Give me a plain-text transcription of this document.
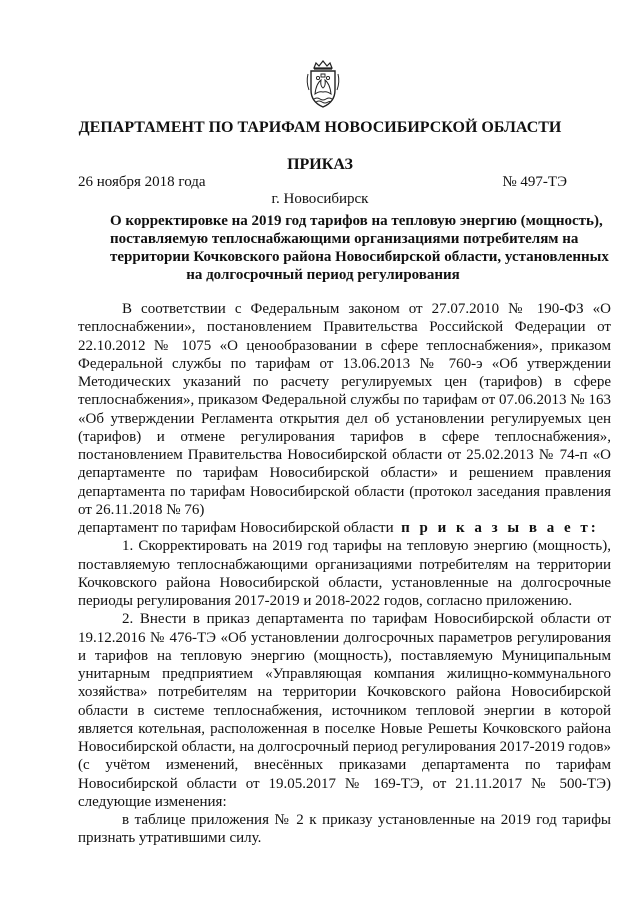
ДЕПАРТАМЕНТ ПО ТАРИФАМ НОВОСИБИРСКОЙ ОБЛАСТИ
ПРИКАЗ
26 ноября 2018 года	№ 497-ТЭ
г. Новосибирск
О корректировке на 2019 год тарифов на тепловую энергию (мощность),
поставляемую теплоснабжающими организациями потребителям на
территории Кочковского района Новосибирской области, установленных
на долгосрочный период регулирования

В соответствии с Федеральным законом от 27.07.2010 № 190-ФЗ «О теплоснабжении», постановлением Правительства Российской Федерации от 22.10.2012 № 1075 «О ценообразовании в сфере теплоснабжения», приказом Федеральной службы по тарифам от 13.06.2013 № 760-э «Об утверждении Методических указаний по расчету регулируемых цен (тарифов) в сфере теплоснабжения», приказом Федеральной службы по тарифам от 07.06.2013 № 163 «Об утверждении Регламента открытия дел об установлении регулируемых цен (тарифов) и отмене регулирования тарифов в сфере теплоснабжения», постановлением Правительства Новосибирской области от 25.02.2013 № 74-п «О департаменте по тарифам Новосибирской области» и решением правления департамента по тарифам Новосибирской области (протокол заседания правления от 26.11.2018 № 76)

департамент по тарифам Новосибирской области п р и к а з ы в а е т:

1. Скорректировать на 2019 год тарифы на тепловую энергию (мощность), поставляемую теплоснабжающими организациями потребителям на территории Кочковского района Новосибирской области, установленные на долгосрочные периоды регулирования 2017-2019 и 2018-2022 годов, согласно приложению.

2. Внести в приказ департамента по тарифам Новосибирской области от 19.12.2016 № 476-ТЭ «Об установлении долгосрочных параметров регулирования и тарифов на тепловую энергию (мощность), поставляемую Муниципальным унитарным предприятием «Управляющая компания жилищно-коммунального хозяйства» потребителям на территории Кочковского района Новосибирской области в системе теплоснабжения, источником тепловой энергии в которой является котельная, расположенная в поселке Новые Решеты Кочковского района Новосибирской области, на долгосрочный период регулирования 2017-2019 годов» (с учётом изменений, внесённых приказами департамента по тарифам Новосибирской области от 19.05.2017 № 169-ТЭ, от 21.11.2017 № 500-ТЭ) следующие изменения:

в таблице приложения № 2 к приказу установленные на 2019 год тарифы признать утратившими силу.
